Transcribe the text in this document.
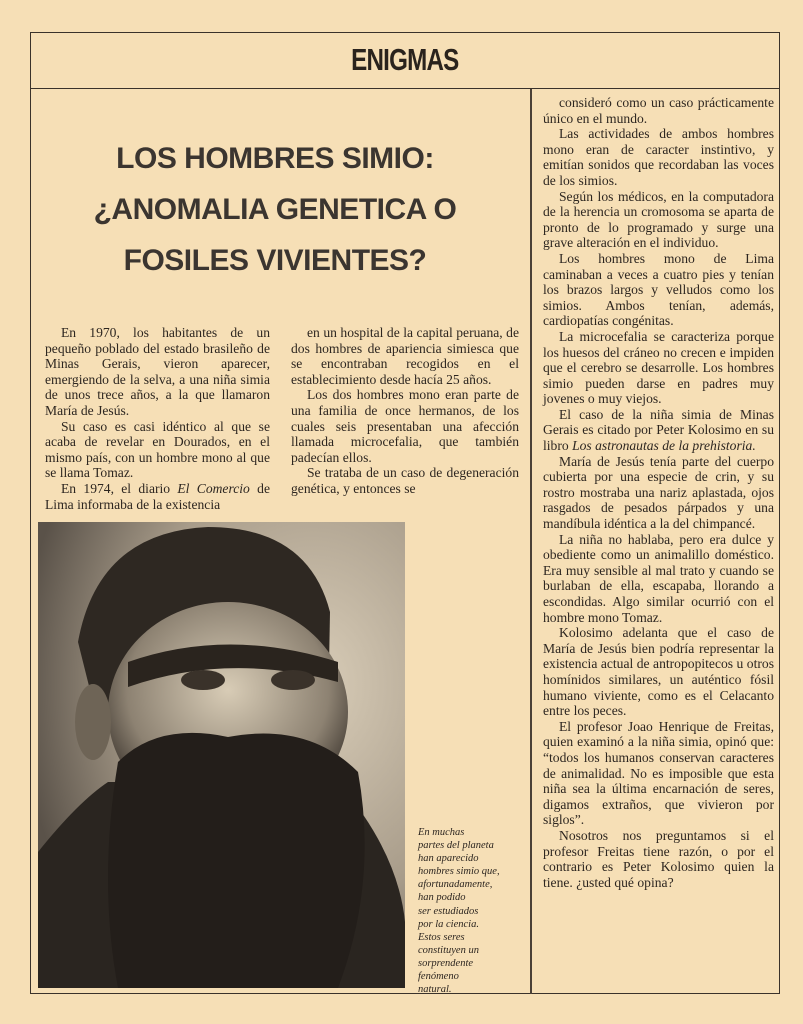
ENIGMAS
LOS HOMBRES SIMIO:
¿ANOMALIA GENETICA O
FOSILES VIVIENTES?

En 1970, los habitantes de un pequeño poblado del estado brasileño de Minas Gerais, vieron aparecer, emergiendo de la selva, a una niña simia de unos trece años, a la que llamaron María de Jesús.

Su caso es casi idéntico al que se acaba de revelar en Dourados, en el mismo país, con un hombre mono al que se llama Tomaz.

En 1974, el diario El Comercio de Lima informaba de la existencia

en un hospital de la capital peruana, de dos hombres de apariencia simiesca que se encontraban recogidos en el establecimiento desde hacía 25 años.

Los dos hombres mono eran parte de una familia de once hermanos, de los cuales seis presentaban una afección llamada microcefalia, que también padecían ellos.

Se trataba de un caso de degeneración genética, y entonces se

consideró como un caso prácticamente único en el mundo.

Las actividades de ambos hombres mono eran de caracter instintivo, y emitían sonidos que recordaban las voces de los simios.

Según los médicos, en la computadora de la herencia un cromosoma se aparta de pronto de lo programado y surge una grave alteración en el individuo.

Los hombres mono de Lima caminaban a veces a cuatro pies y tenían los brazos largos y velludos como los simios. Ambos tenían, además, cardiopatías congénitas.

La microcefalia se caracteriza porque los huesos del cráneo no crecen e impiden que el cerebro se desarrolle. Los hombres simio pueden darse en padres muy jovenes o muy viejos.

El caso de la niña simia de Minas Gerais es citado por Peter Kolosimo en su libro Los astronautas de la prehistoria.

María de Jesús tenía parte del cuerpo cubierta por una especie de crin, y su rostro mostraba una nariz aplastada, ojos rasgados de pesados párpados y una mandíbula idéntica a la del chimpancé.

La niña no hablaba, pero era dulce y obediente como un animalillo doméstico. Era muy sensible al mal trato y cuando se burlaban de ella, escapaba, llorando a escondidas. Algo similar ocurrió con el hombre mono Tomaz.

Kolosimo adelanta que el caso de María de Jesús bien podría representar la existencia actual de antropopitecos u otros homínidos similares, un auténtico fósil humano viviente, como es el Celacanto entre los peces.

El profesor Joao Henrique de Freitas, quien examinó a la niña simia, opinó que: “todos los humanos conservan caracteres de animalidad. No es imposible que esta niña sea la última encarnación de seres, digamos extraños, que vivieron por siglos”.

Nosotros nos preguntamos si el profesor Freitas tiene razón, o por el contrario es Peter Kolosimo quien la tiene. ¿usted qué opina?

En muchas
partes del planeta
han aparecido
hombres simio que,
afortunadamente,
han podido
ser estudiados
por la ciencia.
Estos seres
constituyen un
sorprendente
fenómeno
natural.
